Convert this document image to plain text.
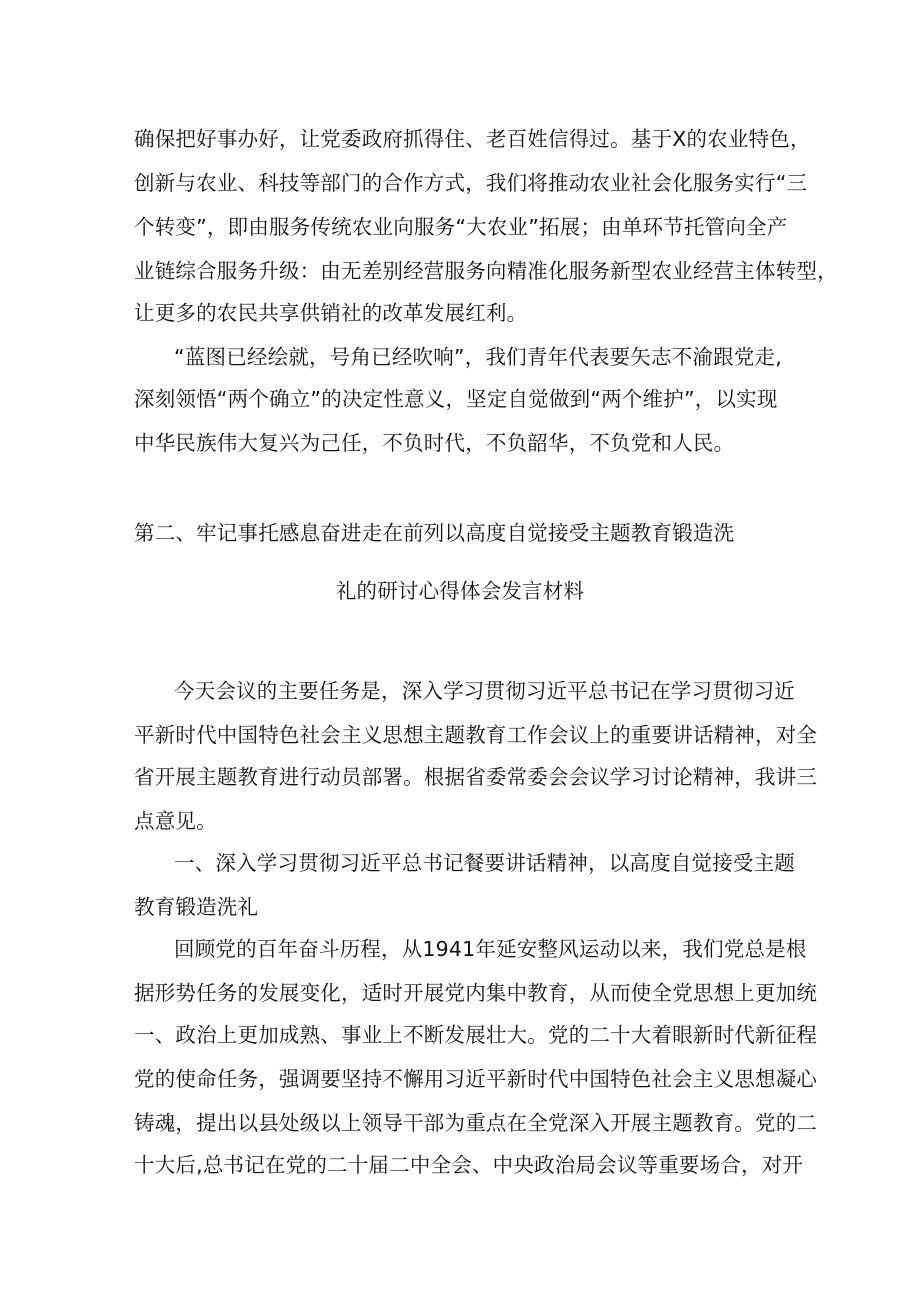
确保把好事办好，让党委政府抓得住、老百姓信得过。基于X的农业特色，
创新与农业、科技等部门的合作方式，我们将推动农业社会化服务实行“三
个转变”，即由服务传统农业向服务“大农业”拓展；由单环节托管向全产
业链综合服务升级：由无差别经营服务向精准化服务新型农业经营主体转型，
让更多的农民共享供销社的改革发展红利。
“蓝图已经绘就，号角已经吹响”，我们青年代表要矢志不渝跟党走,
深刻领悟“两个确立”的决定性意义，坚定自觉做到“两个维护”，以实现
中华民族伟大复兴为己任，不负时代，不负韶华，不负党和人民。
第二、牢记事托感息奋进走在前列以高度自觉接受主题教育锻造洗
礼的研讨心得体会发言材料
今天会议的主要任务是，深入学习贯彻习近平总书记在学习贯彻习近
平新时代中国特色社会主义思想主题教育工作会议上的重要讲话精神，对全
省开展主题教育进行动员部署。根据省委常委会会议学习讨论精神，我讲三
点意见。
一、深入学习贯彻习近平总书记餐要讲话精神，以高度自觉接受主题
教育锻造洗礼
回顾党的百年奋斗历程，从1941年延安整风运动以来，我们党总是根
据形势任务的发展变化，适时开展党内集中教育，从而使全党思想上更加统
一、政治上更加成熟、事业上不断发展壮大。党的二十大着眼新时代新征程
党的使命任务，强调要坚持不懈用习近平新时代中国特色社会主义思想凝心
铸魂，提出以县处级以上领导干部为重点在全党深入开展主题教育。党的二
十大后,总书记在党的二十届二中全会、中央政治局会议等重要场合，对开
